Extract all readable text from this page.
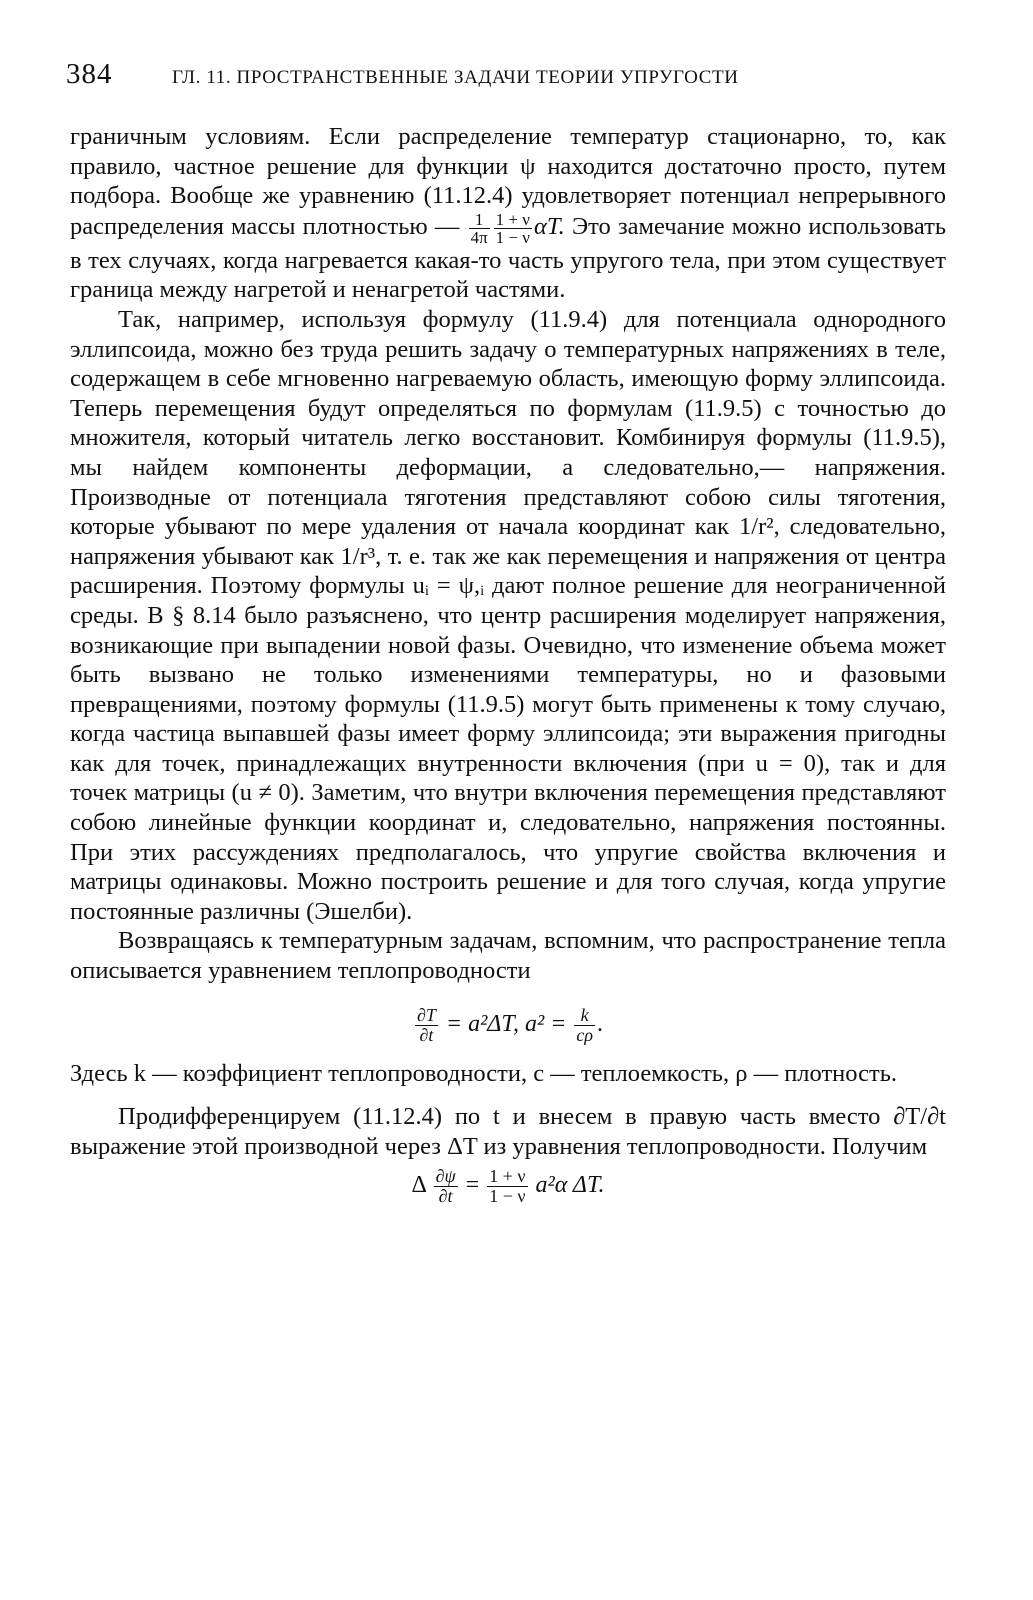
384	ГЛ. 11. ПРОСТРАНСТВЕННЫЕ ЗАДАЧИ ТЕОРИИ УПРУГОСТИ

граничным условиям. Если распределение температур стационарно, то, как правило, частное решение для функции ψ находится достаточно просто, путем подбора. Вообще же уравнению (11.12.4) удовлетворяет потенциал непрерывного распределения массы плотностью — $\frac{1}{4\pi} \frac{1 + \nu}{1 - \nu} \alpha T$. Это замечание можно использовать в тех случаях, когда нагревается какая-то часть упругого тела, при этом существует граница между нагретой и ненагретой частями.

Так, например, используя формулу (11.9.4) для потенциала однородного эллипсоида, можно без труда решить задачу о температурных напряжениях в теле, содержащем в себе мгновенно нагреваемую область, имеющую форму эллипсоида. Теперь перемещения будут определяться по формулам (11.9.5) с точностью до множителя, который читатель легко восстановит. Комбинируя формулы (11.9.5), мы найдем компоненты деформации, а следовательно,— напряжения. Производные от потенциала тяготения представляют собою силы тяготения, которые убывают по мере удаления от начала координат как 1/r², следовательно, напряжения убывают как 1/r³, т. е. так же как перемещения и напряжения от центра расширения. Поэтому формулы uᵢ = ψ,ᵢ дают полное решение для неограниченной среды. В § 8.14 было разъяснено, что центр расширения моделирует напряжения, возникающие при выпадении новой фазы. Очевидно, что изменение объема может быть вызвано не только изменениями температуры, но и фазовыми превращениями, поэтому формулы (11.9.5) могут быть применены к тому случаю, когда частица выпавшей фазы имеет форму эллипсоида; эти выражения пригодны как для точек, принадлежащих внутренности включения (при u = 0), так и для точек матрицы (u ≠ 0). Заметим, что внутри включения перемещения представляют собою линейные функции координат и, следовательно, напряжения постоянны. При этих рассуждениях предполагалось, что упругие свойства включения и матрицы одинаковы. Можно построить решение и для того случая, когда упругие постоянные различны (Эшелби).

Возвращаясь к температурным задачам, вспомним, что распространение тепла описывается уравнением теплопроводности

$\frac{\partial T}{\partial t} = a^2\Delta T$, $a^2 = \frac{k}{c\rho}$ .

Здесь k — коэффициент теплопроводности, c — теплоемкость, ρ — плотность.

Продифференцируем (11.12.4) по t и внесем в правую часть вместо ∂T/∂t выражение этой производной через ΔT из уравнения теплопроводности. Получим

Δ $\frac{\partial\psi}{\partial t} = \frac{1 + \nu}{1 - \nu} a^2\alpha$ ΔT.
